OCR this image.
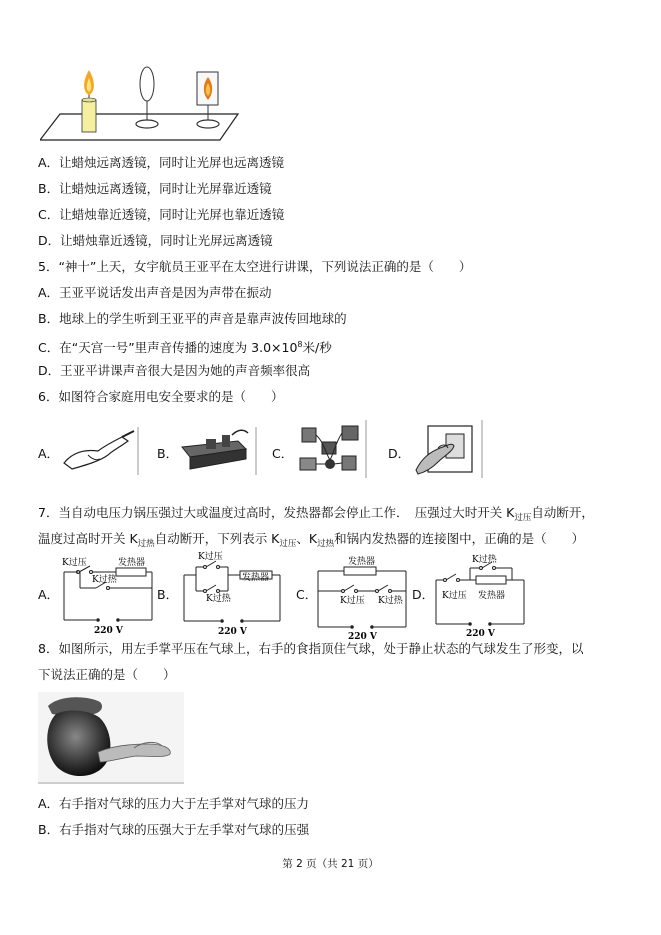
A．让蜡烛远离透镜，同时让光屏也远离透镜
B．让蜡烛远离透镜，同时让光屏靠近透镜
C．让蜡烛靠近透镜，同时让光屏也靠近透镜
D．让蜡烛靠近透镜，同时让光屏远离透镜
5．“神十”上天，女宇航员王亚平在太空进行讲课，下列说法正确的是（　　）
A．王亚平说话发出声音是因为声带在振动
B．地球上的学生听到王亚平的声音是靠声波传回地球的
C．在“天宫一号”里声音传播的速度为 $3.0\times 10^8$米/秒
D．王亚平讲课声音很大是因为她的声音频率很高
6．如图符合家庭用电安全要求的是（　　）
A．	B．	C．	D．
7．当自动电压力锅压强过大或温度过高时，发热器都会停止工作．　压强过大时开关 $K_{过压}$自动断开，
温度过高时开关 $K_{过热}$自动断开，下列表示 $K_{过压}$、$K_{过热}$和锅内发热器的连接图中，正确的是（　　）
A．
K过压	发热器
K过热
220 V
B．
K过压
K过热
发热器
220 V
C．
发热器
K过压 K过热
220 V
D．
K过热
K过压 发热器
220 V
8．如图所示，用左手掌平压在气球上，右手的食指顶住气球，处于静止状态的气球发生了形变，以
下说法正确的是（　　）
A．右手指对气球的压力大于左手掌对气球的压力
B．右手指对气球的压强大于左手掌对气球的压强
第 2 页（共 21 页）
